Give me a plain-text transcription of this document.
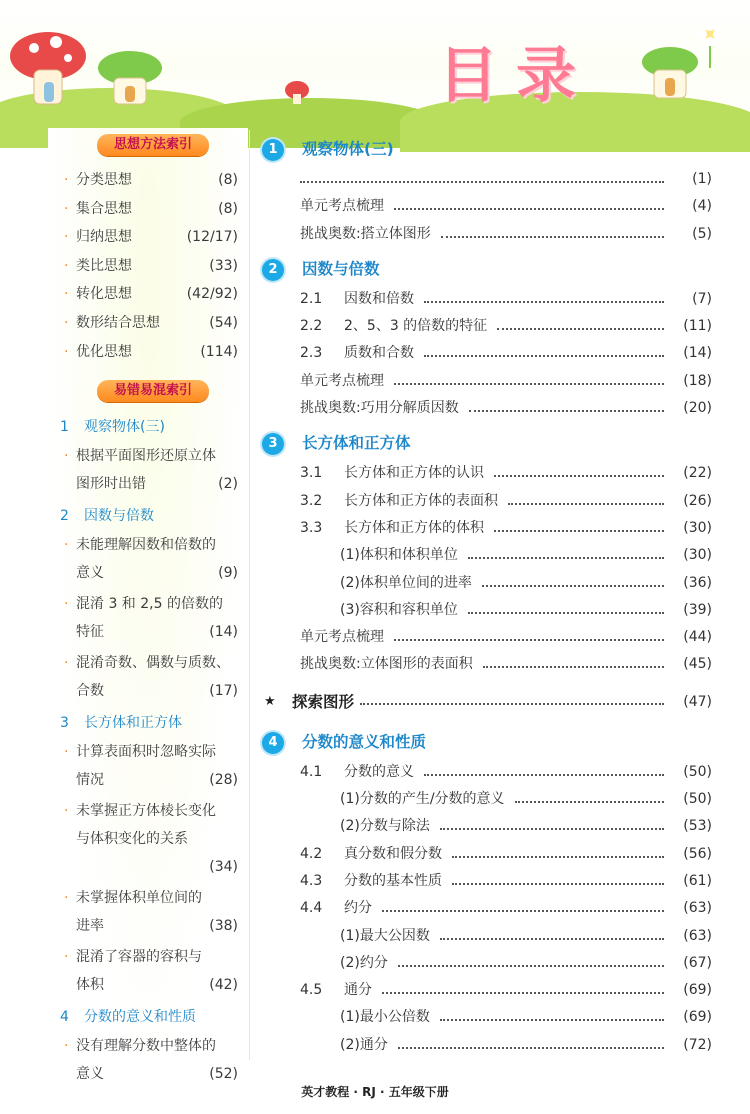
目录
思想方法索引
· 分类思想	(8)
· 集合思想	(8)
· 归纳思想	(12/17)
· 类比思想	(33)
· 转化思想	(42/92)
· 数形结合思想	(54)
· 优化思想	(114)
易错易混索引
1 观察物体(三)
· 根据平面图形还原立体
图形时出错	(2)
2 因数与倍数
· 未能理解因数和倍数的
意义	(9)
· 混淆 3 和 2,5 的倍数的
特征	(14)
· 混淆奇数、偶数与质数、
合数	(17)
3 长方体和正方体
· 计算表面积时忽略实际
情况	(28)
· 未掌握正方体棱长变化
与体积变化的关系
(34)
· 未掌握体积单位间的
进率	(38)
· 混淆了容器的容积与
体积	(42)
4 分数的意义和性质
· 没有理解分数中整体的
意义	(52)
1	观察物体(三)
(1)
单元考点梳理	(4)
挑战奥数:搭立体图形	(5)
2	因数与倍数
2.1 因数和倍数	(7)
2.2 2、5、3 的倍数的特征	(11)
2.3 质数和合数	(14)
单元考点梳理	(18)
挑战奥数:巧用分解质因数	(20)
3	长方体和正方体
3.1 长方体和正方体的认识	(22)
3.2 长方体和正方体的表面积	(26)
3.3 长方体和正方体的体积	(30)
(1)体积和体积单位	(30)
(2)体积单位间的进率	(36)
(3)容积和容积单位	(39)
单元考点梳理	(44)
挑战奥数:立体图形的表面积	(45)
★ 探索图形	(47)
4	分数的意义和性质
4.1 分数的意义	(50)
(1)分数的产生/分数的意义	(50)
(2)分数与除法	(53)
4.2 真分数和假分数	(56)
4.3 分数的基本性质	(61)
4.4 约分	(63)
(1)最大公因数	(63)
(2)约分	(67)
4.5 通分	(69)
(1)最小公倍数	(69)
(2)通分	(72)
英才教程 · RJ · 五年级下册
